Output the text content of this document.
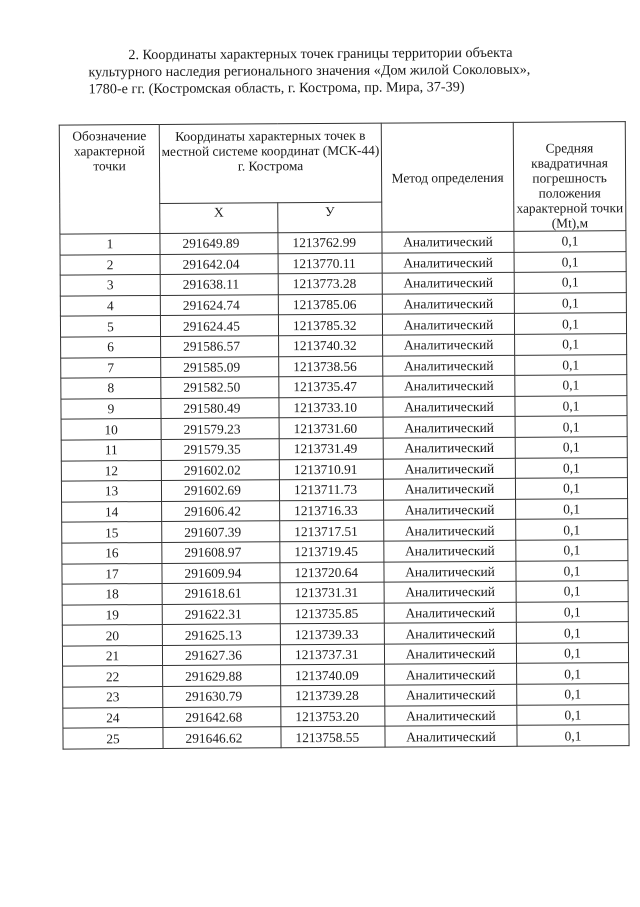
2. Координаты характерных точек границы территории объекта
культурного наследия регионального значения «Дом жилой Соколовых»,
1780-е гг. (Костромская область, г. Кострома, пр. Мира, 37-39)
Обозначение характерной точки	Координаты характерных точек в местной системе координат (МСК-44) г. Кострома		Метод определения	Средняя квадратичная погрешность положения характерной точки (Mt),м
	X	У		
1	291649.89	1213762.99	Аналитический	0,1
2	291642.04	1213770.11	Аналитический	0,1
3	291638.11	1213773.28	Аналитический	0,1
4	291624.74	1213785.06	Аналитический	0,1
5	291624.45	1213785.32	Аналитический	0,1
6	291586.57	1213740.32	Аналитический	0,1
7	291585.09	1213738.56	Аналитический	0,1
8	291582.50	1213735.47	Аналитический	0,1
9	291580.49	1213733.10	Аналитический	0,1
10	291579.23	1213731.60	Аналитический	0,1
11	291579.35	1213731.49	Аналитический	0,1
12	291602.02	1213710.91	Аналитический	0,1
13	291602.69	1213711.73	Аналитический	0,1
14	291606.42	1213716.33	Аналитический	0,1
15	291607.39	1213717.51	Аналитический	0,1
16	291608.97	1213719.45	Аналитический	0,1
17	291609.94	1213720.64	Аналитический	0,1
18	291618.61	1213731.31	Аналитический	0,1
19	291622.31	1213735.85	Аналитический	0,1
20	291625.13	1213739.33	Аналитический	0,1
21	291627.36	1213737.31	Аналитический	0,1
22	291629.88	1213740.09	Аналитический	0,1
23	291630.79	1213739.28	Аналитический	0,1
24	291642.68	1213753.20	Аналитический	0,1
25	291646.62	1213758.55	Аналитический	0,1
